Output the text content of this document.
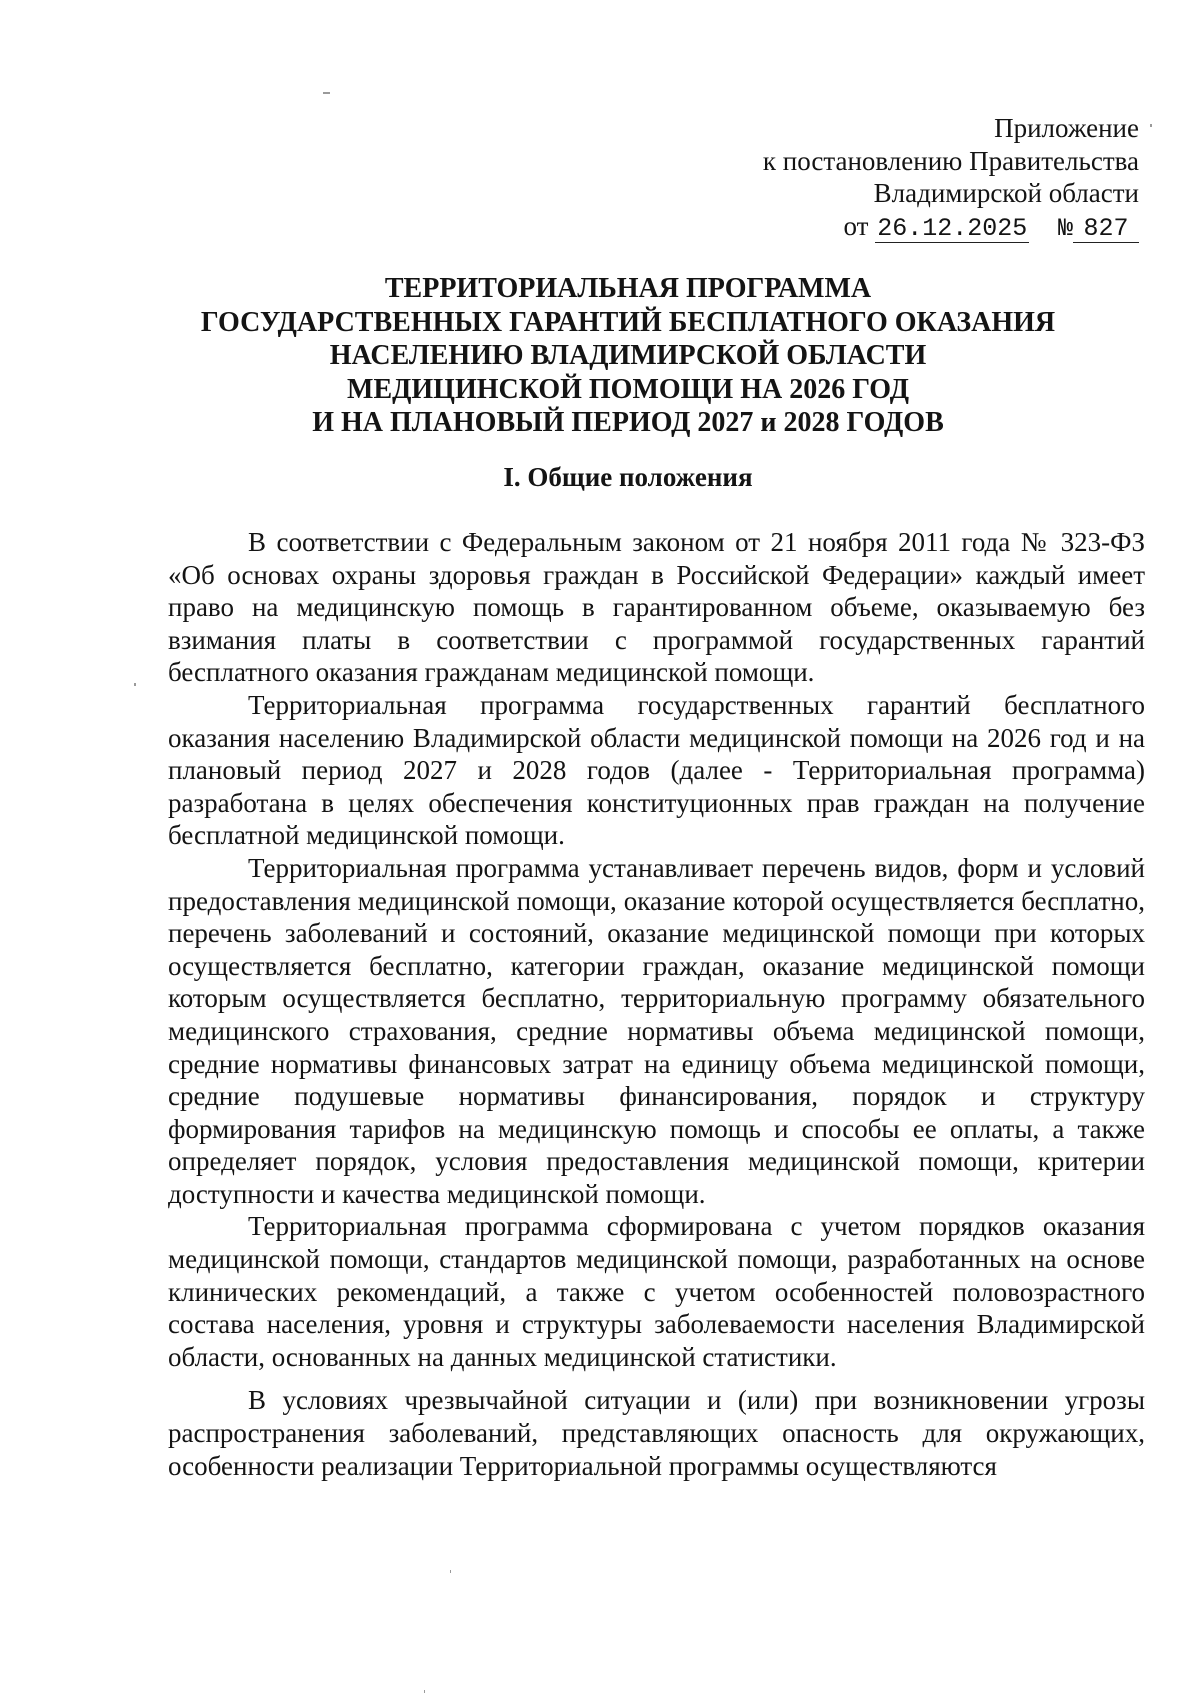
Приложение
к постановлению Правительства
Владимирской области
от 26.12.2025 № 827
ТЕРРИТОРИАЛЬНАЯ ПРОГРАММА
ГОСУДАРСТВЕННЫХ ГАРАНТИЙ БЕСПЛАТНОГО ОКАЗАНИЯ
НАСЕЛЕНИЮ ВЛАДИМИРСКОЙ ОБЛАСТИ
МЕДИЦИНСКОЙ ПОМОЩИ НА 2026 ГОД
И НА ПЛАНОВЫЙ ПЕРИОД 2027 и 2028 ГОДОВ
I. Общие положения

В соответствии с Федеральным законом от 21 ноября 2011 года № 323-ФЗ «Об основах охраны здоровья граждан в Российской Федерации» каждый имеет право на медицинскую помощь в гарантированном объеме, оказываемую без взимания платы в соответствии с программой государственных гарантий бесплатного оказания гражданам медицинской помощи.

Территориальная программа государственных гарантий бесплатного оказания населению Владимирской области медицинской помощи на 2026 год и на плановый период 2027 и 2028 годов (далее - Территориальная программа) разработана в целях обеспечения конституционных прав граждан на получение бесплатной медицинской помощи.

Территориальная программа устанавливает перечень видов, форм и условий предоставления медицинской помощи, оказание которой осуществляется бесплатно, перечень заболеваний и состояний, оказание медицинской помощи при которых осуществляется бесплатно, категории граждан, оказание медицинской помощи которым осуществляется бесплатно, территориальную программу обязательного медицинского страхования, средние нормативы объема медицинской помощи, средние нормативы финансовых затрат на единицу объема медицинской помощи, средние подушевые нормативы финансирования, порядок и структуру формирования тарифов на медицинскую помощь и способы ее оплаты, а также определяет порядок, условия предоставления медицинской помощи, критерии доступности и качества медицинской помощи.

Территориальная программа сформирована с учетом порядков оказания медицинской помощи, стандартов медицинской помощи, разработанных на основе клинических рекомендаций, а также с учетом особенностей половозрастного состава населения, уровня и структуры заболеваемости населения Владимирской области, основанных на данных медицинской статистики.

В условиях чрезвычайной ситуации и (или) при возникновении угрозы распространения заболеваний, представляющих опасность для окружающих, особенности реализации Территориальной программы осуществляются
